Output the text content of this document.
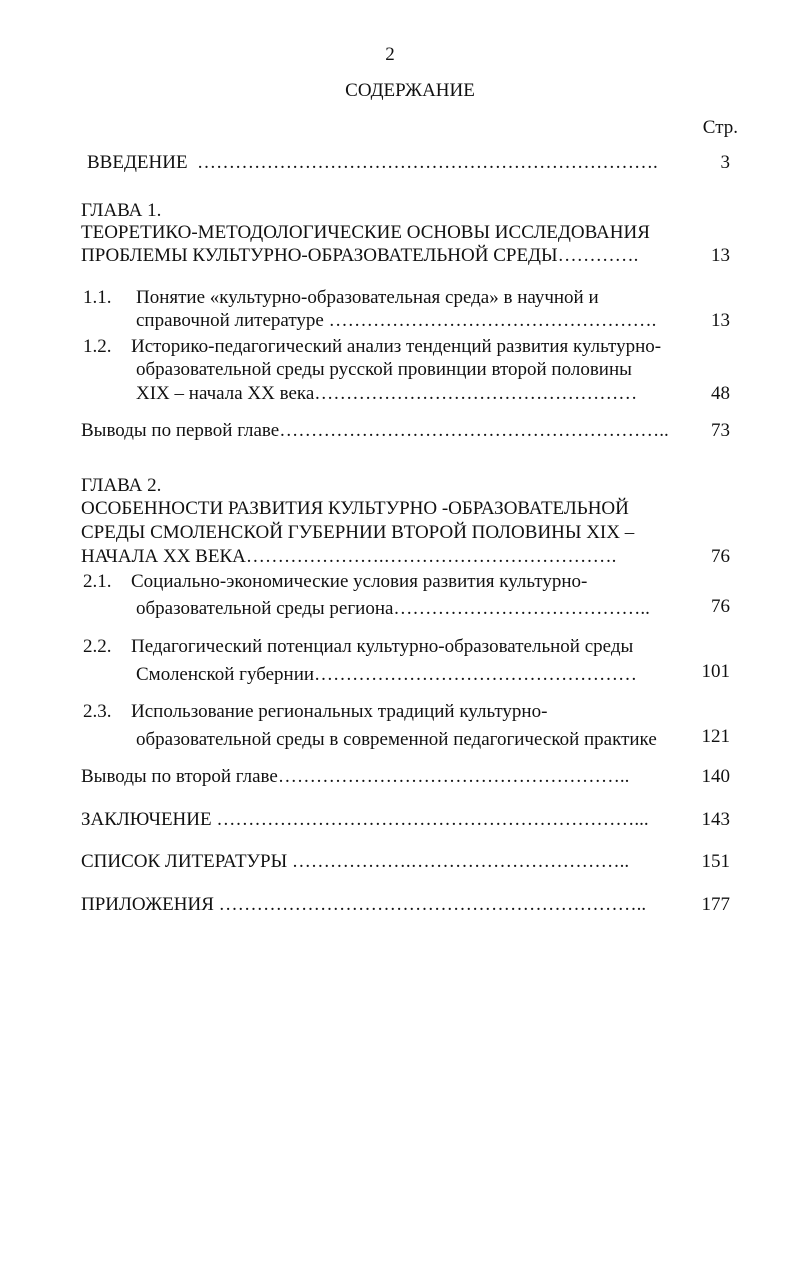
2
СОДЕРЖАНИЕ
Стр.
ВВЕДЕНИЕ ……………………………………………………………….	3
ГЛАВА 1.
ТЕОРЕТИКО-МЕТОДОЛОГИЧЕСКИЕ ОСНОВЫ ИССЛЕДОВАНИЯ
ПРОБЛЕМЫ КУЛЬТУРНО-ОБРАЗОВАТЕЛЬНОЙ СРЕДЫ………….	13
1.1. Понятие «культурно-образовательная среда» в научной и
справочной литературе …………………………………………….	13
1.2. Историко-педагогический анализ тенденций развития культурно-
образовательной среды русской провинции второй половины
XIX – начала XX века……………………………………………	48
Выводы по первой главе……………………………………………………..	73
ГЛАВА 2.
ОСОБЕННОСТИ РАЗВИТИЯ КУЛЬТУРНО -ОБРАЗОВАТЕЛЬНОЙ
СРЕДЫ СМОЛЕНСКОЙ ГУБЕРНИИ ВТОРОЙ ПОЛОВИНЫ XIX –
НАЧАЛА XX ВЕКА………………….……………………………….	76
2.1. Социально-экономические условия развития культурно-
образовательной среды региона…………………………………..	76
2.2. Педагогический потенциал культурно-образовательной среды
Смоленской губернии……………………………………………	101
2.3. Использование региональных традиций культурно-
образовательной среды в современной педагогической практике	121
Выводы по второй главе………………………………………………..	140
ЗАКЛЮЧЕНИЕ …………………………………………………………...	143
СПИСОК ЛИТЕРАТУРЫ ……………….……………………………..	151
ПРИЛОЖЕНИЯ …………………………………………………………..	177
